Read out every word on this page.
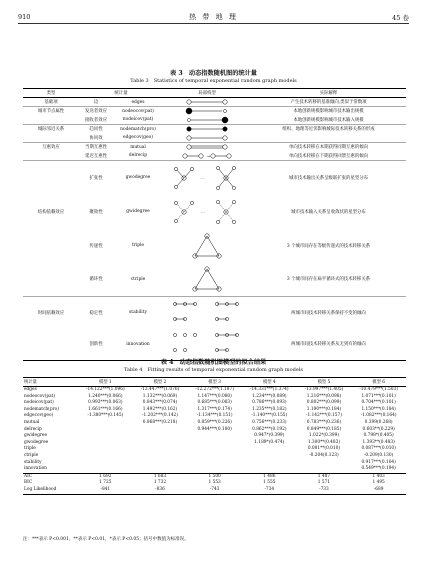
910	热 带 地 理	45 卷
表 3　动态指数随机图的统计量
Table 3　Statistics of temporal exponential random graph models
类型	统计量		局部构型	实际解释
基础项	边	edges		产生技术转移的基准倾向,类似于常数项
城市节点属性	发送者效应	nodeocov(pat)		本地创新规模影响城市技术输出规模
	接收者效应	nodeicov(pat)		本地创新规模影响城市技术输入规模
城际邻近关系	趋同性	nodematch(pro)		组织、地理等近邻影响城际技术转移关系的形成
	协同效	edgecov(geo)	

互惠效应	当期互惠性	mutual		单向技术转移在本期获得同期互惠的倾向
	延迟互惠性	delrecip	→	单向技术转移在下期获得回馈互惠的倾向
	扩张性	gwodegree	···	城市技术输出关系呈级联扩张的星型分布
结构依赖效应	聚敛性	gwidegree	···	城市技术输入关系呈收敛状的星型分布
	传递性	triple		3 个城市间存在等级传递式的技术转移关系
	循环性	ctriple		3 个城市间存在扁平循环式的技术转移关系
时间依赖效应	稳定性	stability		两城市间技术转移关系保持不变的倾向
	创新性	innovation		两城市间技术转移关系从无到有的倾向
表 4　动态指数随机图模型的拟合结果
Table 4　Fitting results of temporal exponential random graph models
统计量	模型 1	模型 2	模型 3	模型 4	模型 5	模型 6
edges	-14.122***(1.096)	-13.447***(1.076)	-12.272***(1.187)	-14.331***(1.374)	-13.997***(1.405)	-10.479***(1.503)
nodeocov(pat)	1.240***(0.066)	1.132***(0.069)	1.147***(0.080)	1.234***(0.089)	1.216***(0.098)	1.071***(0.101)
nodeicov(pat)	0.993***(0.063)	0.843***(0.074)	0.685***(0.083)	0.786***(0.093)	0.802***(0.099)	0.704***(0.101)
nodematch(pro)	1.661***(0.166)	1.492***(0.162)	1.317***(0.174)	1.235***(0.182)	1.190***(0.184)	1.150***(0.184)
edgecov(geo)	-1.380***(0.145)	-1.202***(0.142)	-1.134***(0.151)	-1.140***(0.155)	-1.142***(0.157)	-1.082***(0.164)
mutual		0.868***(0.218)	0.859***(0.226)	0.756***(0.233)	0.783***(0.236)	0.399(0.268)
delrecip			0.944***(0.180)	0.862***(0.192)	0.849***(0.185)	0.603**(0.229)
gwidegree				0.947*(0.399)	1.022*(0.399)	0.798*(0.405)
gwodegree				1.189*(0.474)	1.300**(0.483)	1.393**(0.483)
triple					0.081**(0.010)	0.087***(0.010)
ctriple					-0.204(0.123)	-0.209(0.130)
stability						0.917***(0.104)
innovation						0.549***(0.194)
AIC	1 692	1 683	1 500	1 486	1 487	1 403
BIC	1 725	1 732	1 553	1 555	1 571	1 495
Log Likelihood	-841	-836	-743	-734	-733	-689
注：***表示 P<0.001，**表示 P<0.01，*表示 P<0.05；括号中数值为标准误。
